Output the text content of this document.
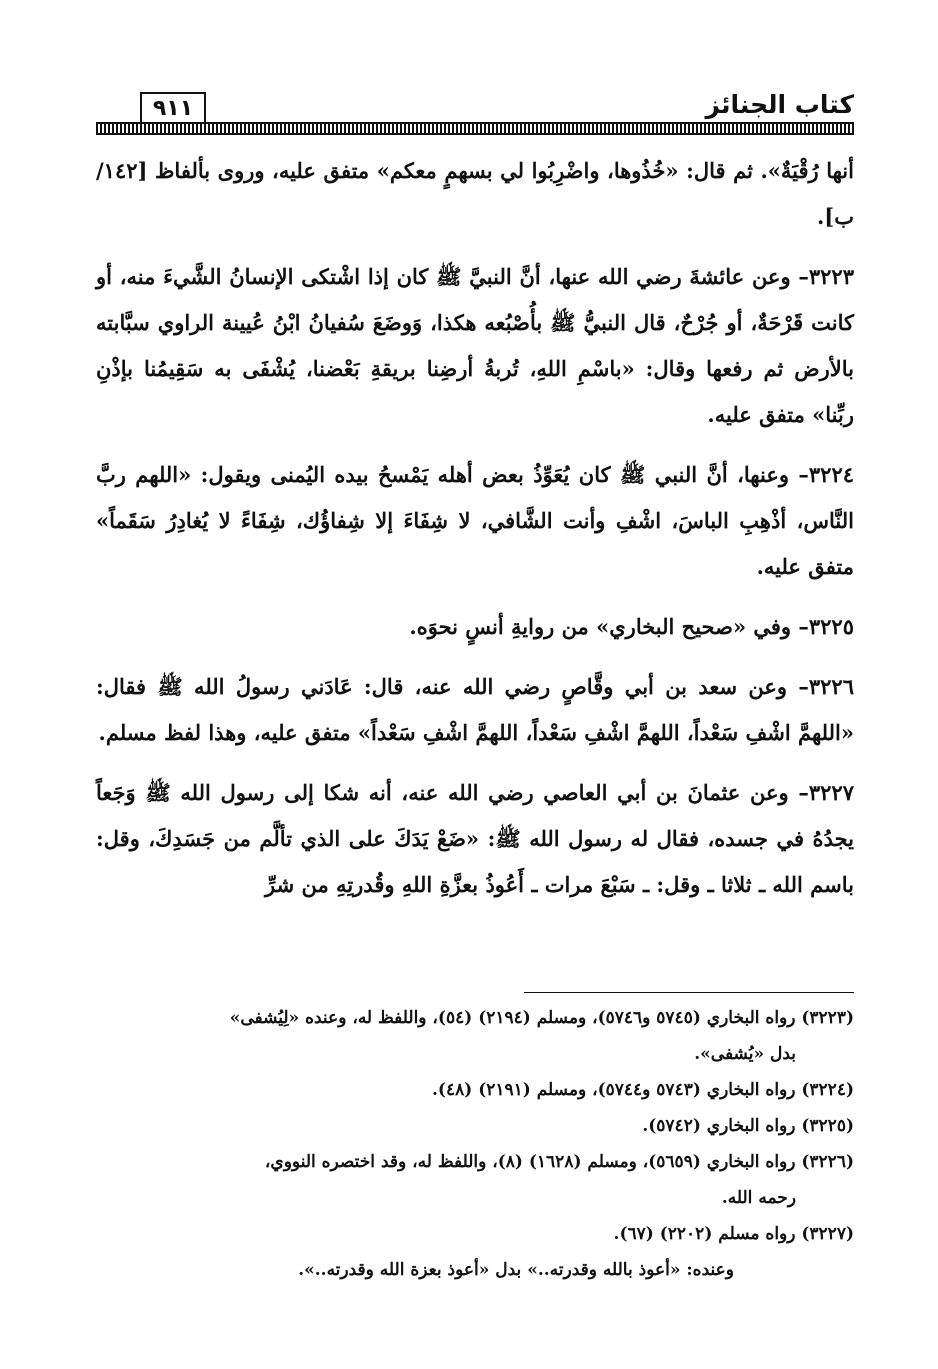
كتاب الجنائز
٩١١

أنها رُقْيَةٌ». ثم قال: «خُذُوها، واضْرِبُوا لي بسهمٍ معكم» متفق عليه، وروى بألفاظ [١٤٢/ب].

٣٢٢٣– وعن عائشةَ رضي الله عنها، أنَّ النبيَّ ﷺ كان إذا اشْتكى الإنسانُ الشَّيءَ منه، أو كانت قَرْحَةٌ، أو جُرْحٌ، قال النبيُّ ﷺ بأُصْبُعه هكذا، وَوضَعَ سُفيانُ ابْنُ عُيينة الراوي سبَّابته بالأرض ثم رفعها وقال: «باسْمِ اللهِ، تُربةُ أرضِنا بريقةِ بَعْضنا، يُشْفَى به سَقِيمُنا بإذْنِ ربِّنا» متفق عليه.

٣٢٢٤– وعنها، أنَّ النبي ﷺ كان يُعَوِّذُ بعض أهله يَمْسحُ بيده اليُمنى ويقول: «اللهم ربَّ النَّاس، أذْهِبِ الباسَ، اشْفِ وأنت الشَّافي، لا شِفَاءَ إلا شِفاؤُك، شِفَاءً لا يُغادِرُ سَقَماً» متفق عليه.

٣٢٢٥– وفي «صحيح البخاري» من روايةِ أنسٍ نحوَه.

٣٢٢٦– وعن سعد بن أبي وقَّاصٍ رضي الله عنه، قال: عَادَني رسولُ الله ﷺ فقال: «اللهمَّ اشْفِ سَعْداً، اللهمَّ اشْفِ سَعْداً، اللهمَّ اشْفِ سَعْداً» متفق عليه، وهذا لفظ مسلم.

٣٢٢٧– وعن عثمانَ بن أبي العاصي رضي الله عنه، أنه شكا إلى رسول الله ﷺ وَجَعاً يجدُهُ في جسده، فقال له رسول الله ﷺ: «ضَعْ يَدَكَ على الذي تألَّم من جَسَدِكَ، وقل: باسم الله ـ ثلاثا ـ وقل: ـ سَبْعَ مرات ـ أَعُوذُ بعزَّةِ اللهِ وقُدرتِهِ من شرِّ

(٣٢٢٣) رواه البخاري (٥٧٤٥ و٥٧٤٦)، ومسلم (٢١٩٤) (٥٤)، واللفظ له، وعنده «لِيُشفى»

بدل «يُشفى».

(٣٢٢٤) رواه البخاري (٥٧٤٣ و٥٧٤٤)، ومسلم (٢١٩١) (٤٨).

(٣٢٢٥) رواه البخاري (٥٧٤٢).

(٣٢٢٦) رواه البخاري (٥٦٥٩)، ومسلم (١٦٢٨) (٨)، واللفظ له، وقد اختصره النووي،

رحمه الله.

(٣٢٢٧) رواه مسلم (٢٢٠٢) (٦٧).

وعنده: «أعوذ بالله وقدرته..» بدل «أعوذ بعزة الله وقدرته..».
